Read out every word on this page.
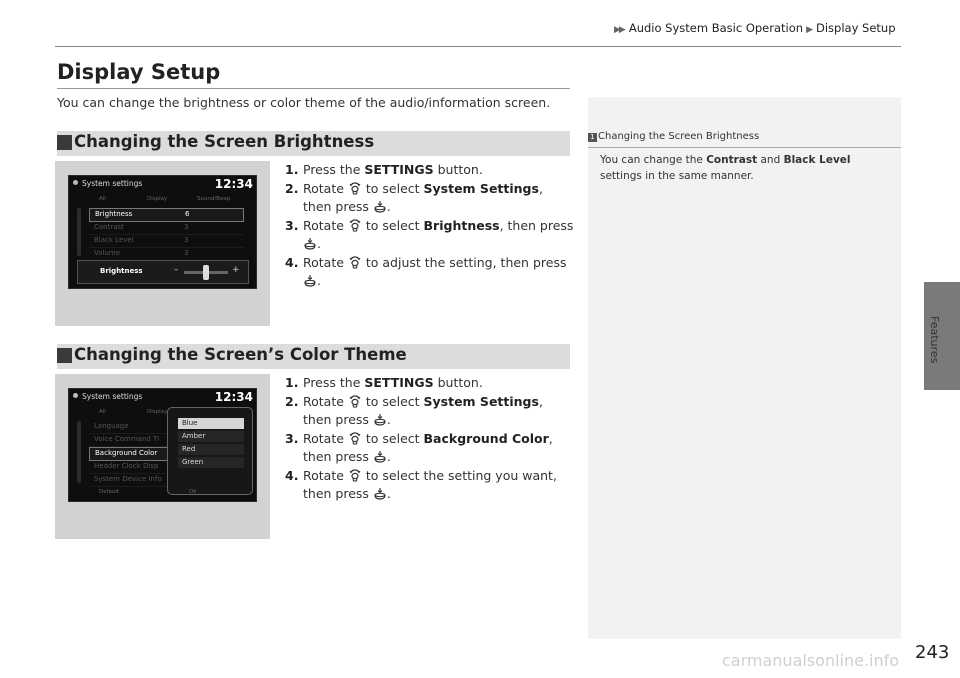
▶▶ Audio System Basic Operation ▶ Display Setup
Features
Display Setup
You can change the brightness or color theme of the audio/information screen.
Changing the Screen Brightness
System settings	12:34
All	Display	Sound/Beep
Brightness	6
Contrast	3
Black Level	3
Volume	3
Brightness	–	+
1. Press the SETTINGS button.
2. Rotate  to select System Settings, then press .
3. Rotate  to select Brightness, then press .
4. Rotate  to adjust the setting, then press .
Changing the Screen’s Color Theme
System settings	12:34
All	Display
Language
Voice Command Ti
Background Color
Header Clock Disp
System Device Info
Blue
Amber
Red
Green
Default	Ok
1. Press the SETTINGS button.
2. Rotate  to select System Settings, then press .
3. Rotate  to select Background Color, then press .
4. Rotate  to select the setting you want, then press .
1 Changing the Screen Brightness
You can change the Contrast and Black Level settings in the same manner.
243
carmanualsonline.info
